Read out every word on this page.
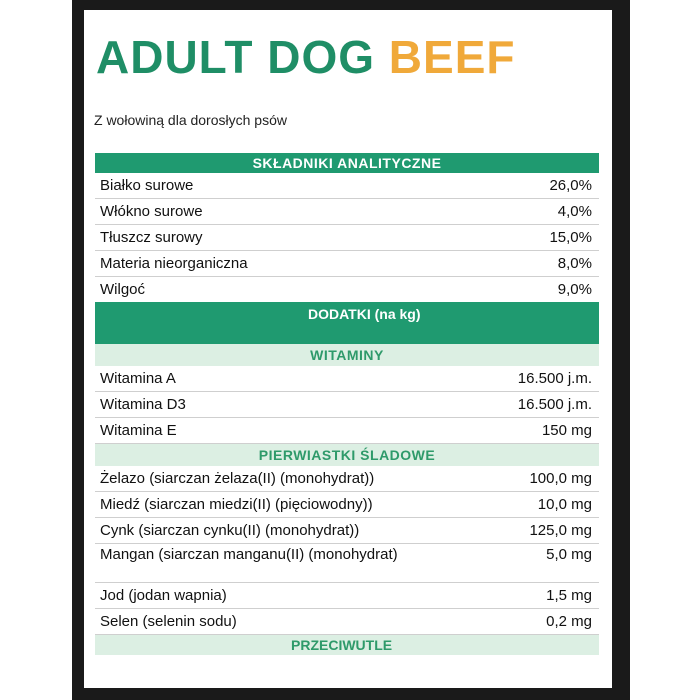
ADULT DOG BEEF
Z wołowiną dla dorosłych psów
SKŁADNIKI ANALITYCZNE
Białko surowe	26,0%
Włókno surowe	4,0%
Tłuszcz surowy	15,0%
Materia nieorganiczna	8,0%
Wilgoć	9,0%
DODATKI (na kg)
WITAMINY
Witamina A	16.500 j.m.
Witamina D3	16.500 j.m.
Witamina E	150 mg
PIERWIASTKI ŚLADOWE
Żelazo (siarczan żelaza(II) (monohydrat))	100,0 mg
Miedź (siarczan miedzi(II) (pięciowodny))	10,0 mg
Cynk (siarczan cynku(II) (monohydrat))	125,0 mg
Mangan (siarczan manganu(II) (monohydrat)	5,0 mg
Jod (jodan wapnia)	1,5 mg
Selen (selenin sodu)	0,2 mg
PRZECIWUTLE
